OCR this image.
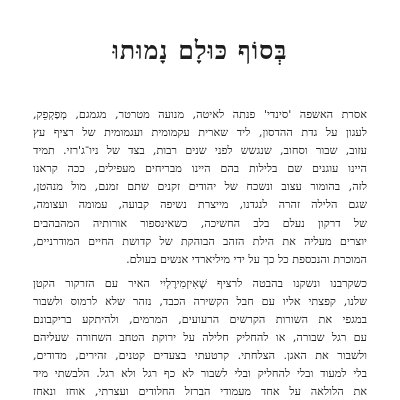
בְּסוֹף כּוּלָם נָמוּתוּ
אסרת האשפה 'סינדי' פנתה לאיטה, מנועה מטרטר, מגמגם, מְפַקְפֵק,
לעגון על גדת ההדסון, ליד שארית עקמומית ועגמומית של רציף עץ
עזוב, שבור וסחוב, שנגשש לפני שנים רבות, בצד של ניו־ג'רזי. תמיד
היינו עוגנים שם בלילות בהם היינו מבריחים מעפילים, ככה קראנו
לזה, בהומור עצוב ונשכח של יהודים זקנים שתם זמנם, מול מנהטן,
שגם הלילה זהרה לנגדנו, מייצרת נשיפה קבועה, עמומה ועצומה,
של דרקון נעלם בלב החשיכה, כשאינספור אורותיה המהבהבים
יוצרים מעליה את הילת הזהב הבוהקת של קדושת החיים המודרניים,
המוכרת והנכספת כל כך על ידי מיליארדי אנשים בעולם.
כשקרבנו ונשקנו בהבטה לרציף שֶׁאִיזְמִירֶלְיִי האיר עם הזרקור הקטן
שלנו, קפצתי אליו עם חבל הקשירה הכבד, נזהר שלא לרמוס ולשבור
במגפי את השורות הקרשים הרעועים, המרמים, ולהיתקע בריקבונם
עם רגל שבורה, או להחליק חלילה על ירוקת הטחב השחורה שעליהם
ולשבור את האגן. הצלחתי. קרטעתי בצעדים קטנים, זהירים, מדודים,
בלי למעוד ובלי להחליק ובלי לשבור לא כף רגל ולא רגל. הלבשתי מיד
את הלולאה על אחד מעמודי הברזל החלודים ועצרתי, אוחז ונאחז
